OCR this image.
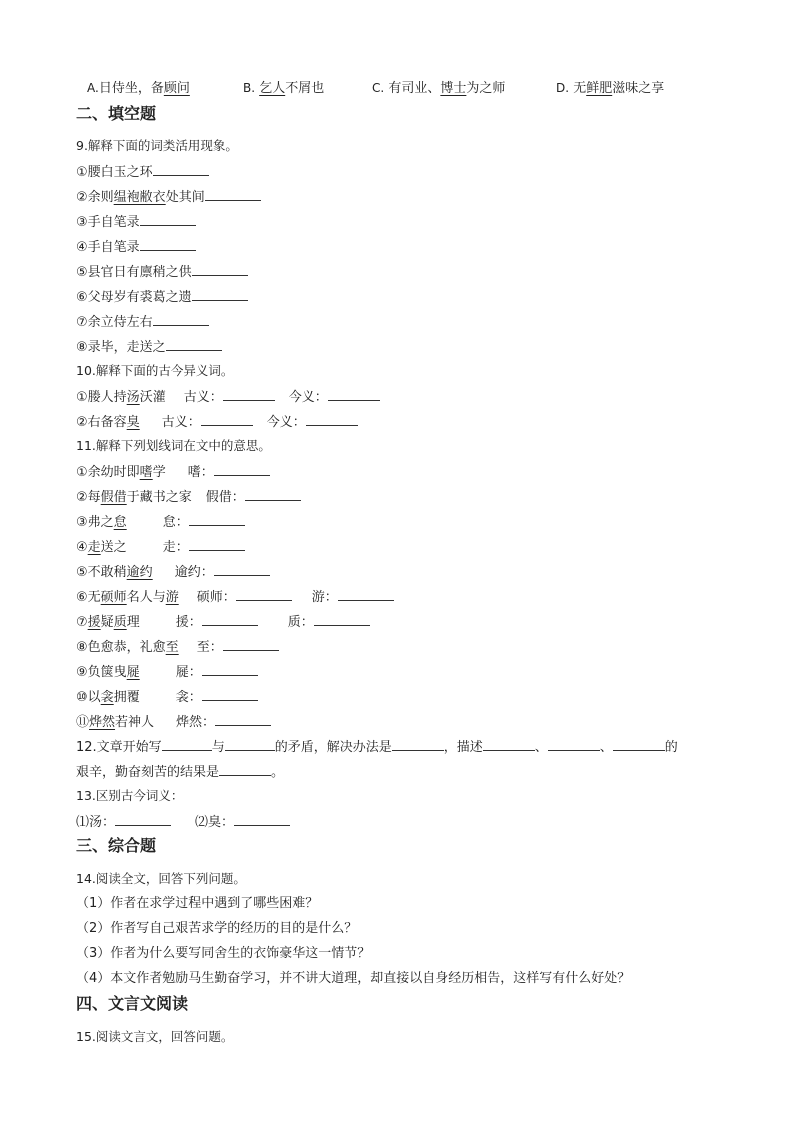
A.日侍坐，备顾问	B. 乞人不屑也	C. 有司业、博士为之师	D. 无鲜肥滋味之享
二、填空题
9.解释下面的词类活用现象。
①腰白玉之环
②余则缊袍敝衣处其间
③手自笔录
④手自笔录
⑤县官日有廪稍之供
⑥父母岁有裘葛之遗
⑦余立侍左右
⑧录毕，走送之
10.解释下面的古今异义词。
①媵人持汤沃灌 古义：	今义：
②右备容臭 古义：	今义：
11.解释下列划线词在文中的意思。
①余幼时即嗜学 嗜：
②每假借于藏书之家 假借：
③弗之怠	怠：
④走送之	走：
⑤不敢稍逾约 逾约：
⑥无硕师名人与游 硕师：	游：
⑦援疑质理	援：	质：
⑧色愈恭，礼愈至 至：
⑨负箧曳屣	屣：
⑩以衾拥覆	衾：
⑪烨然若神人 烨然：
12.文章开始写	与	的矛盾，解决办法是	，描述	、	、	的
艰辛，勤奋刻苦的结果是	。
13.区别古今词义：
⑴汤：	⑵臭：
三、综合题
14.阅读全文，回答下列问题。
（1）作者在求学过程中遇到了哪些困难？
（2）作者写自己艰苦求学的经历的目的是什么？
（3）作者为什么要写同舍生的衣饰豪华这一情节？
（4）本文作者勉励马生勤奋学习，并不讲大道理，却直接以自身经历相告，这样写有什么好处？
四、文言文阅读
15.阅读文言文，回答问题。
